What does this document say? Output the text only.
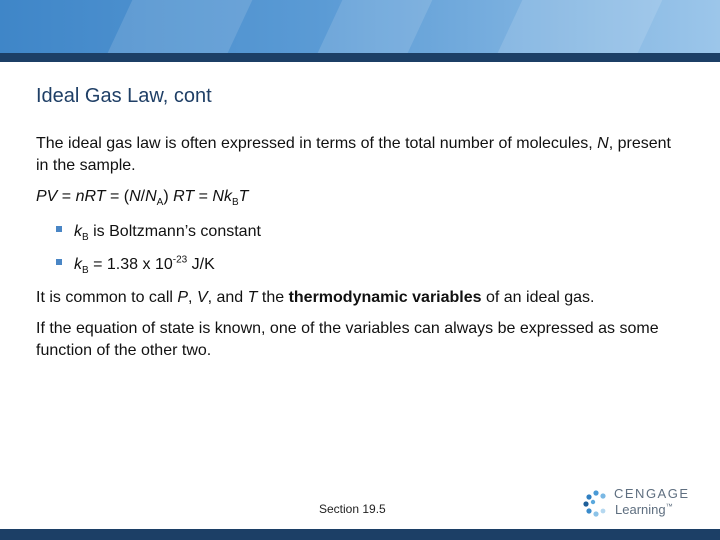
Ideal Gas Law, cont

The ideal gas law is often expressed in terms of the total number of molecules, N, present in the sample.

PV = nRT = $(N/N_A)$ RT = $Nk_BT$

$k_B$ is Boltzmann’s constant
$k_B = 1.38$ x $10^{-23}$ J/K

It is common to call P, V, and T the thermodynamic variables of an ideal gas.

If the equation of state is known, one of the variables can always be expressed as some function of the other two.

Section 19.5
CENGAGE
Learning™
